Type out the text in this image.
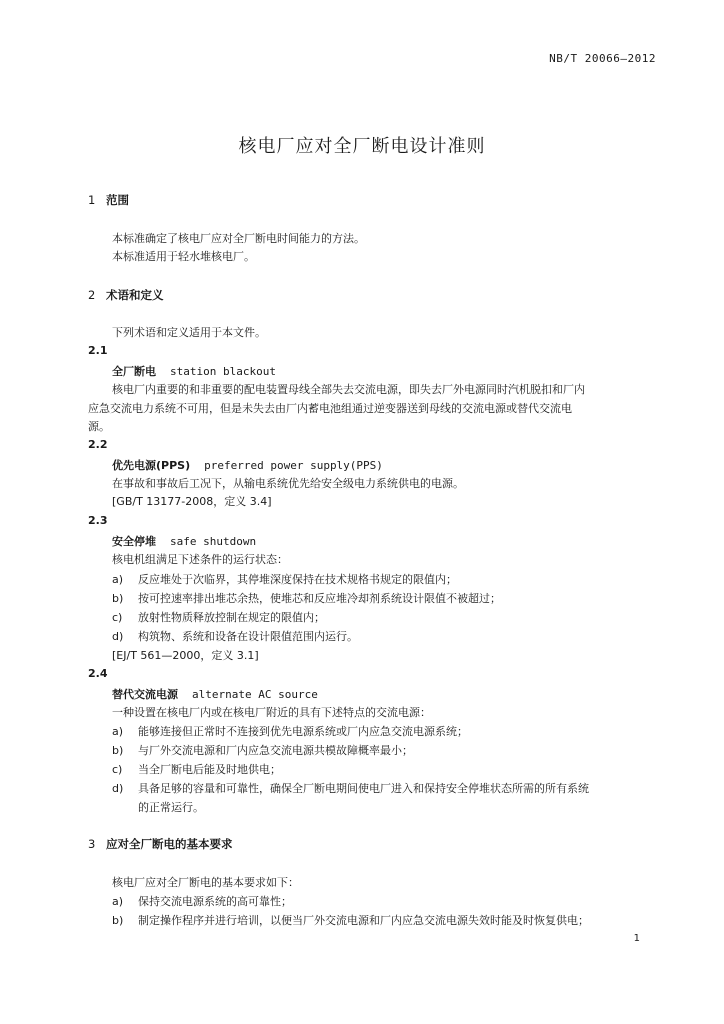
NB/T 20066—2012
核电厂应对全厂断电设计准则
1 范围
本标准确定了核电厂应对全厂断电时间能力的方法。
本标准适用于轻水堆核电厂。
2 术语和定义
下列术语和定义适用于本文件。
2.1
全厂断电 station blackout
核电厂内重要的和非重要的配电装置母线全部失去交流电源，即失去厂外电源同时汽机脱扣和厂内
应急交流电力系统不可用，但是未失去由厂内蓄电池组通过逆变器送到母线的交流电源或替代交流电
源。
2.2
优先电源(PPS) preferred power supply(PPS)
在事故和事故后工况下，从输电系统优先给安全级电力系统供电的电源。
[GB/T 13177-2008，定义 3.4]
2.3
安全停堆 safe shutdown
核电机组满足下述条件的运行状态：
a) 反应堆处于次临界，其停堆深度保持在技术规格书规定的限值内；
b) 按可控速率排出堆芯余热，使堆芯和反应堆冷却剂系统设计限值不被超过；
c) 放射性物质释放控制在规定的限值内；
d) 构筑物、系统和设备在设计限值范围内运行。
[EJ/T 561—2000，定义 3.1]
2.4
替代交流电源 alternate AC source
一种设置在核电厂内或在核电厂附近的具有下述特点的交流电源：
a) 能够连接但正常时不连接到优先电源系统或厂内应急交流电源系统；
b) 与厂外交流电源和厂内应急交流电源共模故障概率最小；
c) 当全厂断电后能及时地供电；
d) 具备足够的容量和可靠性，确保全厂断电期间使电厂进入和保持安全停堆状态所需的所有系统
的正常运行。
3 应对全厂断电的基本要求
核电厂应对全厂断电的基本要求如下：
a) 保持交流电源系统的高可靠性；
b) 制定操作程序并进行培训，以便当厂外交流电源和厂内应急交流电源失效时能及时恢复供电；
1
